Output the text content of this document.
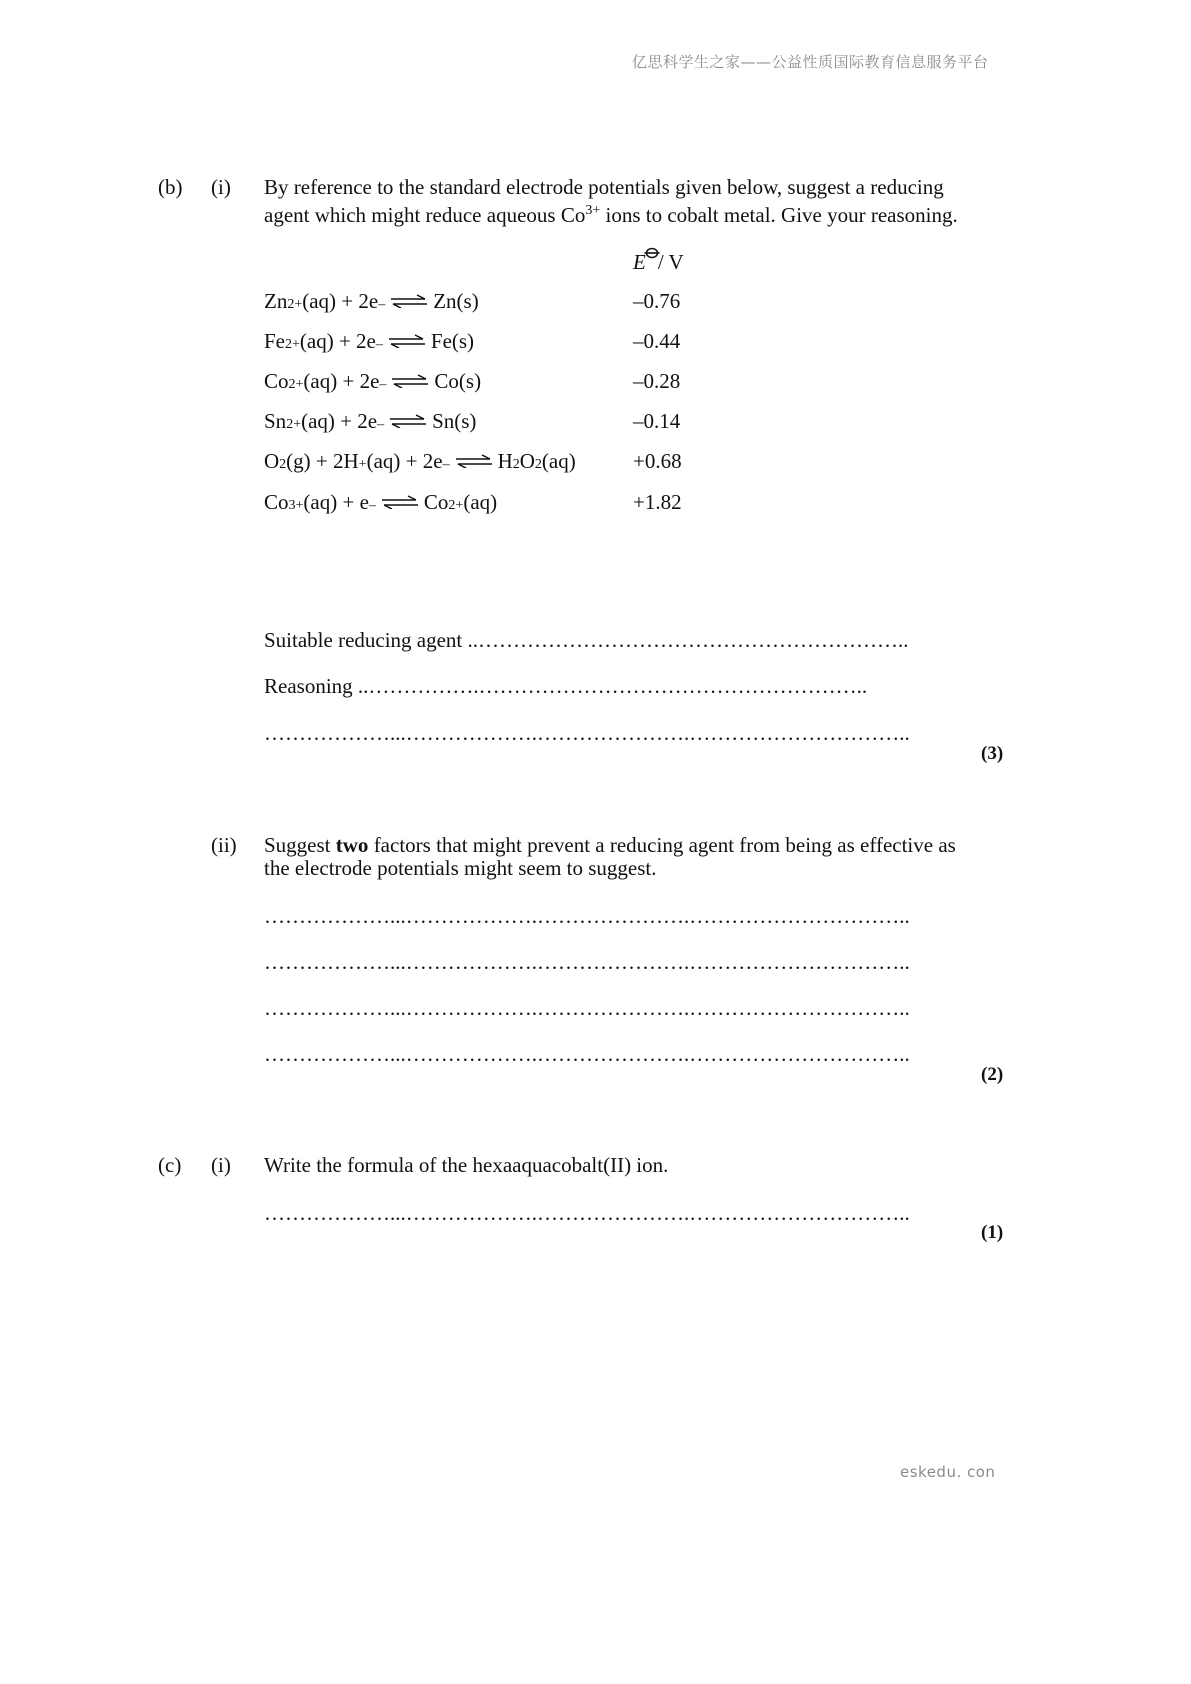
亿思科学生之家——公益性质国际教育信息服务平台
eskedu. con
(b) (i) By reference to the standard electrode potentials given below, suggest a reducing
agent which might reduce aqueous $Co^{3+}$ ions to cobalt metal. Give your reasoning.
E / V
Zn 2+ (aq) + 2e – ⇌ Zn(s)	–0.76
Fe 2+ (aq) + 2e – ⇌ Fe(s)	–0.44
Co 2+ (aq) + 2e – ⇌ Co(s)	–0.28
Sn 2+ (aq) + 2e – ⇌ Sn(s)	–0.14
O 2 (g) + 2H + (aq) + 2e – ⇌ H 2 O 2 (aq)	+0.68
Co 3+ (aq) + e – ⇌ Co 2+ (aq)	+1.82
Suitable reducing agent ..……………………………………………………..
Reasoning ..…………….………………………………………………..
………………...……………….………………….…………………………..
(3)
(ii) Suggest two factors that might prevent a reducing agent from being as effective as
the electrode potentials might seem to suggest.
………………...……………….………………….…………………………..
………………...……………….………………….…………………………..
………………...……………….………………….…………………………..
………………...……………….………………….…………………………..
(2)
(c) (i) Write the formula of the hexaaquacobalt(II) ion.
………………...……………….………………….…………………………..
(1)
